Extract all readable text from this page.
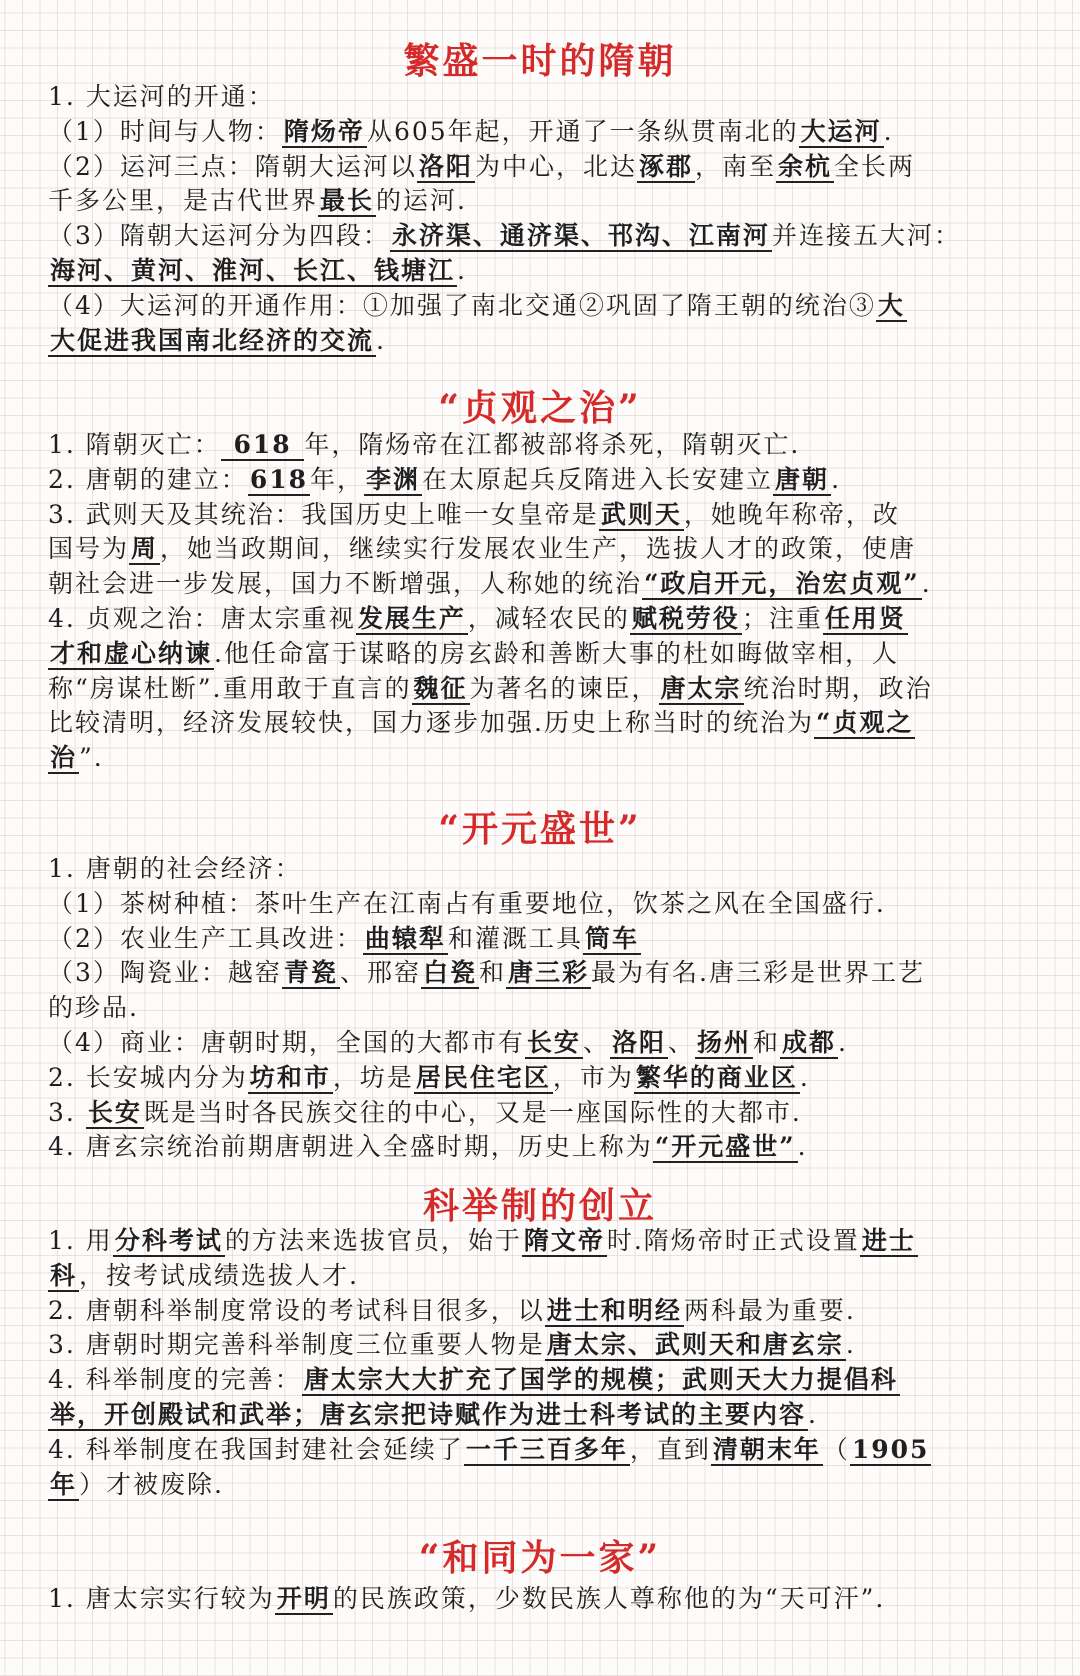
繁盛一时的隋朝
1. 大运河的开通：
（1）时间与人物：隋炀帝从605年起，开通了一条纵贯南北的大运河.
（2）运河三点：隋朝大运河以洛阳为中心，北达涿郡，南至余杭全长两
千多公里，是古代世界最长的运河.
（3）隋朝大运河分为四段：永济渠、通济渠、邗沟、江南河并连接五大河：
海河、黄河、淮河、长江、钱塘江.
（4）大运河的开通作用：①加强了南北交通②巩固了隋王朝的统治③大
大促进我国南北经济的交流.
“贞观之治”
1. 隋朝灭亡： 618 年，隋炀帝在江都被部将杀死，隋朝灭亡.
2. 唐朝的建立：618年，李渊在太原起兵反隋进入长安建立唐朝.
3. 武则天及其统治：我国历史上唯一女皇帝是武则天，她晚年称帝，改
国号为周，她当政期间，继续实行发展农业生产，选拔人才的政策，使唐
朝社会进一步发展，国力不断增强，人称她的统治“政启开元，治宏贞观”.
4. 贞观之治：唐太宗重视发展生产，减轻农民的赋税劳役；注重任用贤
才和虚心纳谏.他任命富于谋略的房玄龄和善断大事的杜如晦做宰相，人
称“房谋杜断”.重用敢于直言的魏征为著名的谏臣，唐太宗统治时期，政治
比较清明，经济发展较快，国力逐步加强.历史上称当时的统治为“贞观之
治”.
“开元盛世”
1. 唐朝的社会经济：
（1）茶树种植：茶叶生产在江南占有重要地位，饮茶之风在全国盛行.
（2）农业生产工具改进：曲辕犁和灌溉工具筒车
（3）陶瓷业：越窑青瓷、邢窑白瓷和唐三彩最为有名.唐三彩是世界工艺
的珍品.
（4）商业：唐朝时期，全国的大都市有长安、洛阳、扬州和成都.
2. 长安城内分为坊和市，坊是居民住宅区，市为繁华的商业区.
3. 长安既是当时各民族交往的中心，又是一座国际性的大都市.
4. 唐玄宗统治前期唐朝进入全盛时期，历史上称为“开元盛世”.
科举制的创立
1. 用分科考试的方法来选拔官员，始于隋文帝时.隋炀帝时正式设置进士
科，按考试成绩选拔人才.
2. 唐朝科举制度常设的考试科目很多，以进士和明经两科最为重要.
3. 唐朝时期完善科举制度三位重要人物是唐太宗、武则天和唐玄宗.
4. 科举制度的完善：唐太宗大大扩充了国学的规模；武则天大力提倡科
举，开创殿试和武举；唐玄宗把诗赋作为进士科考试的主要内容.
4. 科举制度在我国封建社会延续了一千三百多年，直到清朝末年（1905
年）才被废除.
“和同为一家”
1. 唐太宗实行较为开明的民族政策，少数民族人尊称他的为“天可汗”.
